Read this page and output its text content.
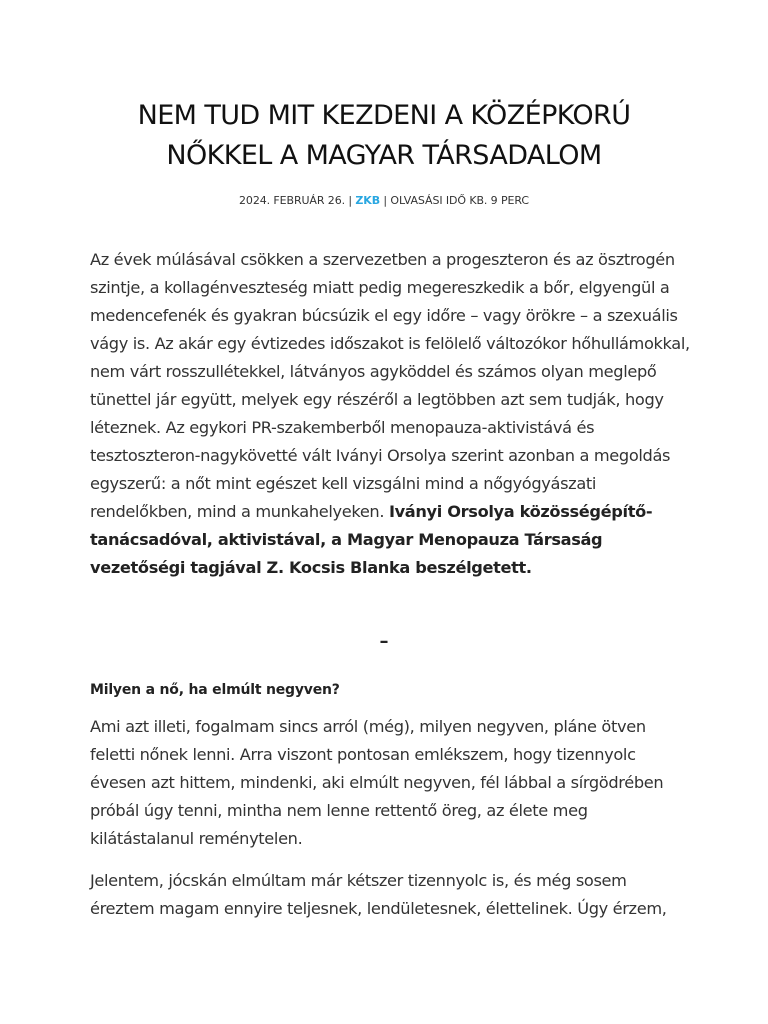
NEM TUD MIT KEZDENI A KÖZÉPKORÚ NŐKKEL A MAGYAR TÁRSADALOM
2024. FEBRUÁR 26. | ZKB | OLVASÁSI IDŐ KB. 9 PERC

Az évek múlásával csökken a szervezetben a progeszteron és az ösztrogén szintje, a kollagénveszteség miatt pedig megereszkedik a bőr, elgyengül a medencefenék és gyakran búcsúzik el egy időre – vagy örökre – a szexuális vágy is. Az akár egy évtizedes időszakot is felölelő változókor hőhullámokkal, nem várt rosszullétekkel, látványos agyköddel és számos olyan meglepő tünettel jár együtt, melyek egy részéről a legtöbben azt sem tudják, hogy léteznek. Az egykori PR-szakemberből menopauza-aktivistává és tesztoszteron-nagykövetté vált Iványi Orsolya szerint azonban a megoldás egyszerű: a nőt mint egészet kell vizsgálni mind a nőgyógyászati rendelőkben, mind a munkahelyeken. Iványi Orsolya közösségépítő-tanácsadóval, aktivistával, a Magyar Menopauza Társaság vezetőségi tagjával Z. Kocsis Blanka beszélgetett.

–

Milyen a nő, ha elmúlt negyven?

Ami azt illeti, fogalmam sincs arról (még), milyen negyven, pláne ötven feletti nőnek lenni. Arra viszont pontosan emlékszem, hogy tizennyolc évesen azt hittem, mindenki, aki elmúlt negyven, fél lábbal a sírgödrében próbál úgy tenni, mintha nem lenne rettentő öreg, az élete meg kilátástalanul reménytelen.

Jelentem, jócskán elmúltam már kétszer tizennyolc is, és még sosem éreztem magam ennyire teljesnek, lendületesnek, élettelinek. Úgy érzem,
